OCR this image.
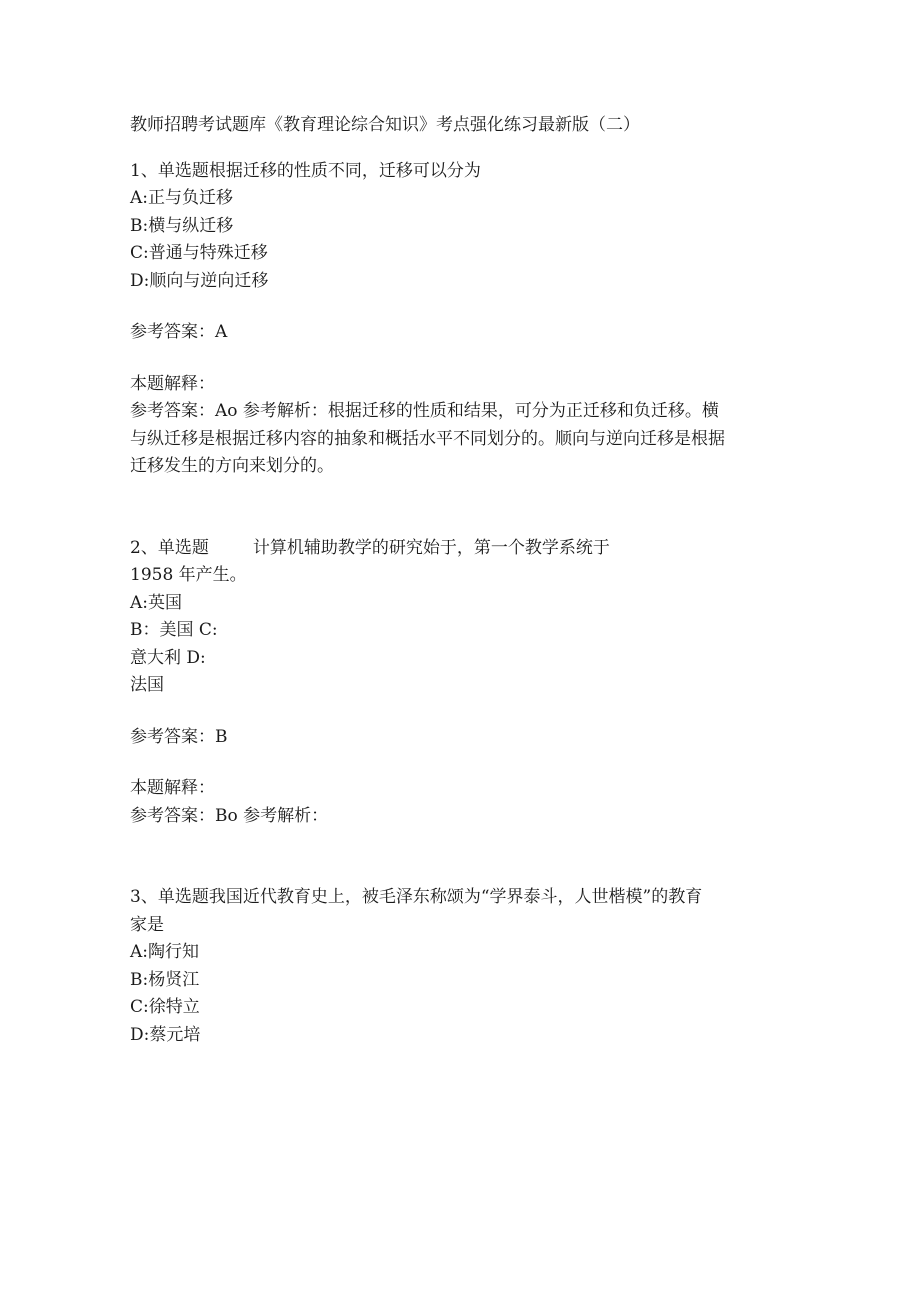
教师招聘考试题库《教育理论综合知识》考点强化练习最新版（二）

1、单选题根据迁移的性质不同，迁移可以分为

A:正与负迁移
B:横与纵迁移
C:普通与特殊迁移
D:顺向与逆向迁移
参考答案：A
本题解释：
参考答案：Ao 参考解析：根据迁移的性质和结果，可分为正迁移和负迁移。横
与纵迁移是根据迁移内容的抽象和概括水平不同划分的。顺向与逆向迁移是根据
迁移发生的方向来划分的。

2、单选题	计算机辅助教学的研究始于，第一个教学系统于

1958 年产生。
A:英国
B：美国 C:
意大利 D:
法国
参考答案：B
本题解释：
参考答案：Bo 参考解析：
3、单选题我国近代教育史上，被毛泽东称颂为“学界泰斗，人世楷模”的教育
家是
A:陶行知
B:杨贤江
C:徐特立
D:蔡元培
